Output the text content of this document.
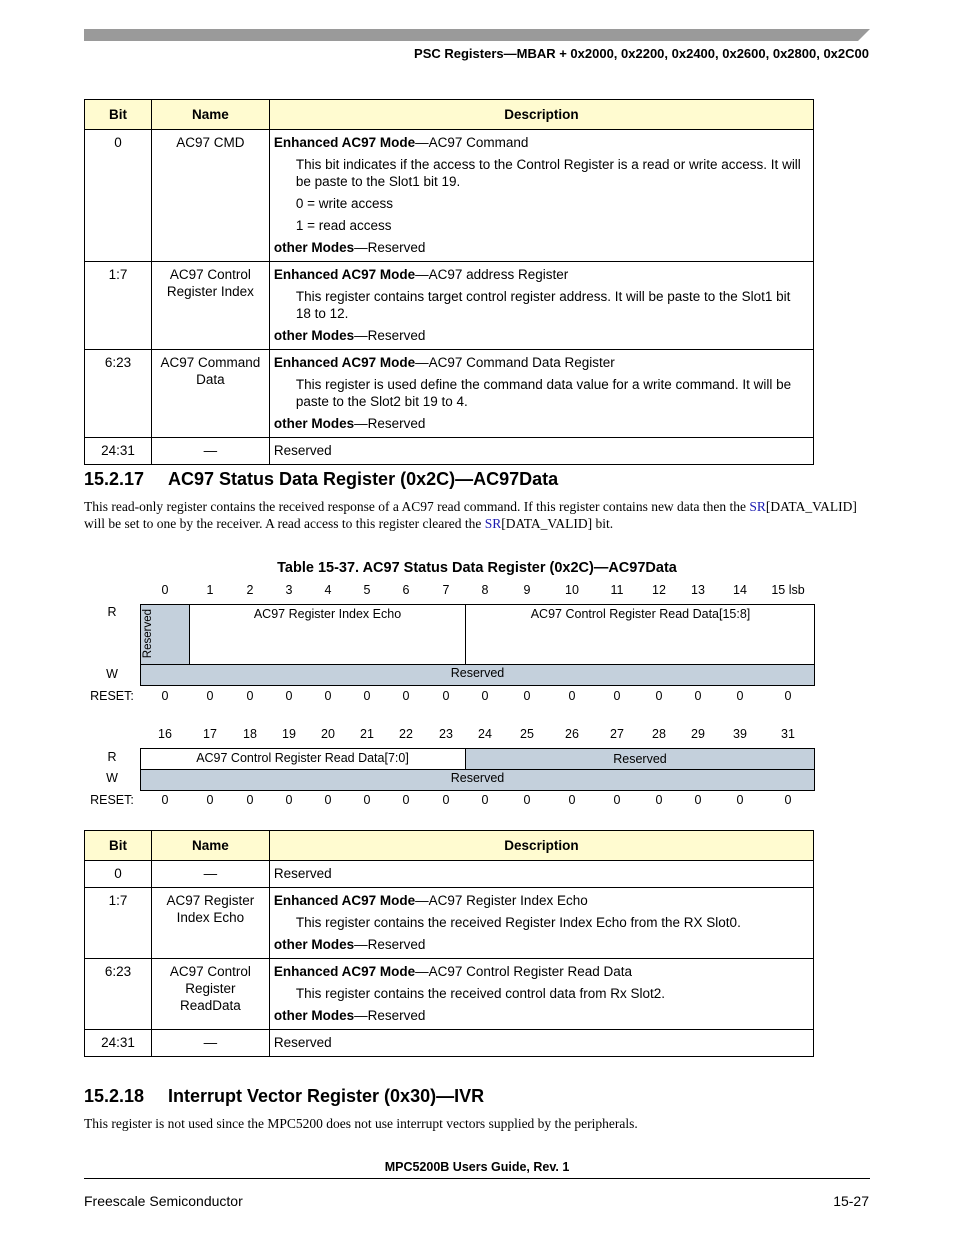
PSC Registers—MBAR + 0x2000, 0x2200, 0x2400, 0x2600, 0x2800, 0x2C00
Bit	Name	Description
0	AC97 CMD	Enhanced AC97 Mode—AC97 Command

This bit indicates if the access to the Control Register is a read or write access. It will be paste to the Slot1 bit 19.

0 = write access

1 = read access

other Modes—Reserved

1:7	AC97 Control Register Index	Enhanced AC97 Mode—AC97 address Register

This register contains target control register address. It will be paste to the Slot1 bit 18 to 12.

other Modes—Reserved

6:23	AC97 Command Data	Enhanced AC97 Mode—AC97 Command Data Register

This register is used define the command data value for a write command. It will be paste to the Slot2 bit 19 to 4.

other Modes—Reserved

24:31	—	Reserved
15.2.17 AC97 Status Data Register (0x2C)—AC97Data
This read-only register contains the received response of a AC97 read command. If this register contains new data then the SR[DATA_VALID] will be set to one by the receiver. A read access to this register cleared the SR[DATA_VALID] bit.
Table 15-37. AC97 Status Data Register (0x2C)—AC97Data
0	1	2	3	4	5	6	7	8	9	10	11	12	13	14	15 lsb
R	Reserved	AC97 Register Index Echo	AC97 Control Register Read Data[15:8]
W	Reserved
RESET:	0	0	0	0	0	0	0	0	0	0	0	0	0	0	0	0
16	17	18	19	20	21	22	23	24	25	26	27	28	29	39	31
R	AC97 Control Register Read Data[7:0]	Reserved
W	Reserved
RESET:	0	0	0	0	0	0	0	0	0	0	0	0	0	0	0	0
Bit	Name	Description
0	—	Reserved
1:7	AC97 Register Index Echo	Enhanced AC97 Mode—AC97 Register Index Echo

This register contains the received Register Index Echo from the RX Slot0.

other Modes—Reserved

6:23	AC97 Control Register ReadData	Enhanced AC97 Mode—AC97 Control Register Read Data

This register contains the received control data from Rx Slot2.

other Modes—Reserved

24:31	—	Reserved
15.2.18 Interrupt Vector Register (0x30)—IVR
This register is not used since the MPC5200 does not use interrupt vectors supplied by the peripherals.
MPC5200B Users Guide, Rev. 1
Freescale Semiconductor	15-27
